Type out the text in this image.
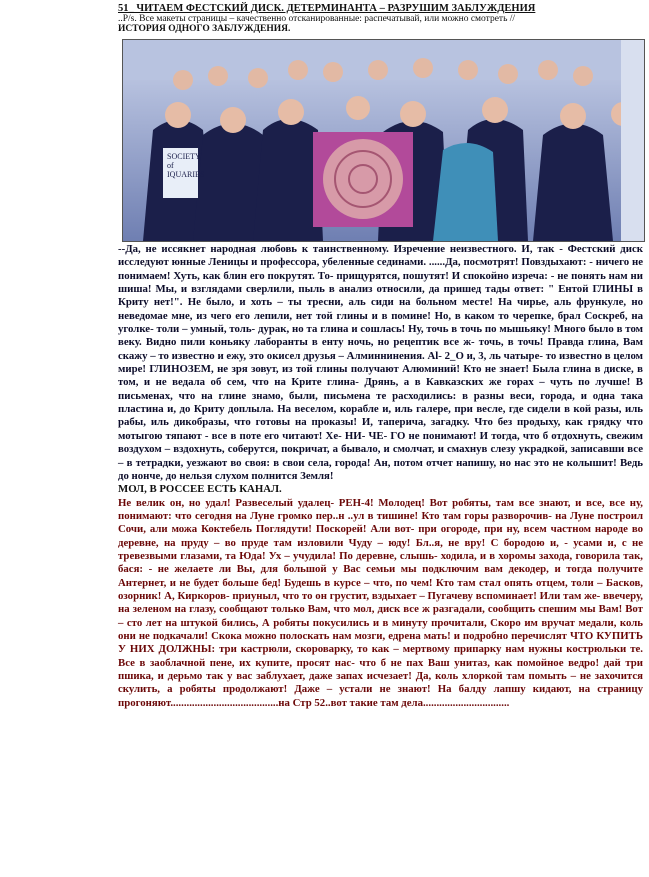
51_ ЧИТАЕМ ФЕСТСКИЙ ДИСК. ДЕТЕРМИНАНТА – РАЗРУШИМ ЗАБЛУЖДЕНИЯ
..P/s. Все макеты страницы – качественно отсканированные: распечатывай, или можно смотреть //
ИСТОРИЯ ОДНОГО ЗАБЛУЖДЕНИЯ.
SOCIETY
of
IQUARIES

--Да, не иссякнет народная любовь к таинственному. Изречение неизвестного. И, так - Фестский диск исследуют юнные Леницы и профессора, убеленные сединами. ......Да, посмотрят! Повздыхают: - ничего не понимаем! Хуть, как блин его покрутят. То- прищурятся, пошутят! И спокойно изреча: - не понять нам ни шиша! Мы, и взглядами сверлили, пыль в анализ относили, да пришед тады ответ: " Ентой ГЛИНЫ в Криту нет!". Не было, и хоть – ты тресни, аль сиди на больном месте! На чирье, аль фрункуле, но неведомае мне, из чего его лепили, нет той глины и в помине! Но, в каком то черепке, брал Соскреб, на уголке- толи – умный, толь- дурак, но та глина и сошлась! Ну, точь в точь по мышьяку! Много было в том веку. Видно пили коньяку лаборанты в енту ночь, но рецептик все ж- точь, в точь! Правда глина, Вам скажу – то известно и ежу, это окисел друзья – Алминнинения. Al- 2_O и, 3, ль чатыре- то известно в целом мире! ГЛИНОЗЕМ, не зря зовут, из той глины получают Алюминий! Кто не знает! Была глина в диске, в том, и не ведала об сем, что на Крите глина- Дрянь, а в Кавказских же горах – чуть по лучше! В письменах, что на глине знамо, были, письмена те расходились: в разны веси, города, и одна така пластина и, до Криту доплыла. На веселом, корабле и, иль галере, при весле, где сидели в кой разы, иль рабы, иль дикобразы, что готовы на проказы! И, таперича, загадку. Что без продыху, как грядку что мотыгою тяпают - все в поте его читают! Хе- НИ- ЧЕ- ГО не понимают! И тогда, что б отдохнуть, свежим воздухом – вздохнуть, соберутся, покричат, а бывало, и смолчат, и смахнув слезу украдкой, записавши все – в тетрадки, уезжают во своя: в свои села, города! Ан, потом отчет напишу, но нас это не колышит! Ведь до нонче, до нельзя слухом полнится Земля!

МОЛ, В РОССЕЕ ЕСТЬ КАНАЛ.

Не велик он, но удал! Развеселый удалец- РЕН-4! Молодец! Вот робяты, там все знают, и все, все ну, понимают: что сегодня на Луне громко пер..н ..ул в тишине! Кто там горы разворочив- на Луне построил Сочи, али можа Коктебель Поглядути! Поскорей! Али вот- при огороде, при ну, всем частном народе во деревне, на пруду – во пруде там изловили Чуду – юду! Бл..я, не вру! С бородою и, - усами и, с не тревезвыми глазами, та Юда! Ух – учудила! По деревне, слышь- ходила, и в хоромы захода, говорила так, бася: - не желаете ли Вы, для большой у Вас семьи мы подключим вам декодер, и тогда получите Антернет, и не будет больше бед! Будешь в курсе – что, по чем! Кто там стал опять отцем, толи – Басков, озорник! А, Киркоров- приуныл, что то он грустит, вздыхает – Пугачеву вспоминает! Или там же- ввечеру, на зеленом на глазу, сообщают только Вам, что мол, диск все ж разгадали, сообщить спешим мы Вам! Вот – сто лет на штукой бились, А робяты покусились и в минуту прочитали, Скоро им вручат медали, коль они не подкачали! Скока можно полоскать нам мозги, едрена мать! и подробно перечислят ЧТО КУПИТЬ У НИХ ДОЛЖНЫ: три кастрюли, скороварку, то как – мертвому припарку нам нужны кострюльки те. Все в заоблачной пене, их купите, просят нас- что б не пах Ваш унитаз, как помойное ведро! дай три пшика, и дерьмо так у вас заблухает, даже запах исчезает! Да, коль хлоркой там помыть – не захочится скулить, а робяты продолжают! Даже – устали не знают! На балду лапшу кидают, на страницу прогоняют........................................на Стр 52..вот такие там дела................................
